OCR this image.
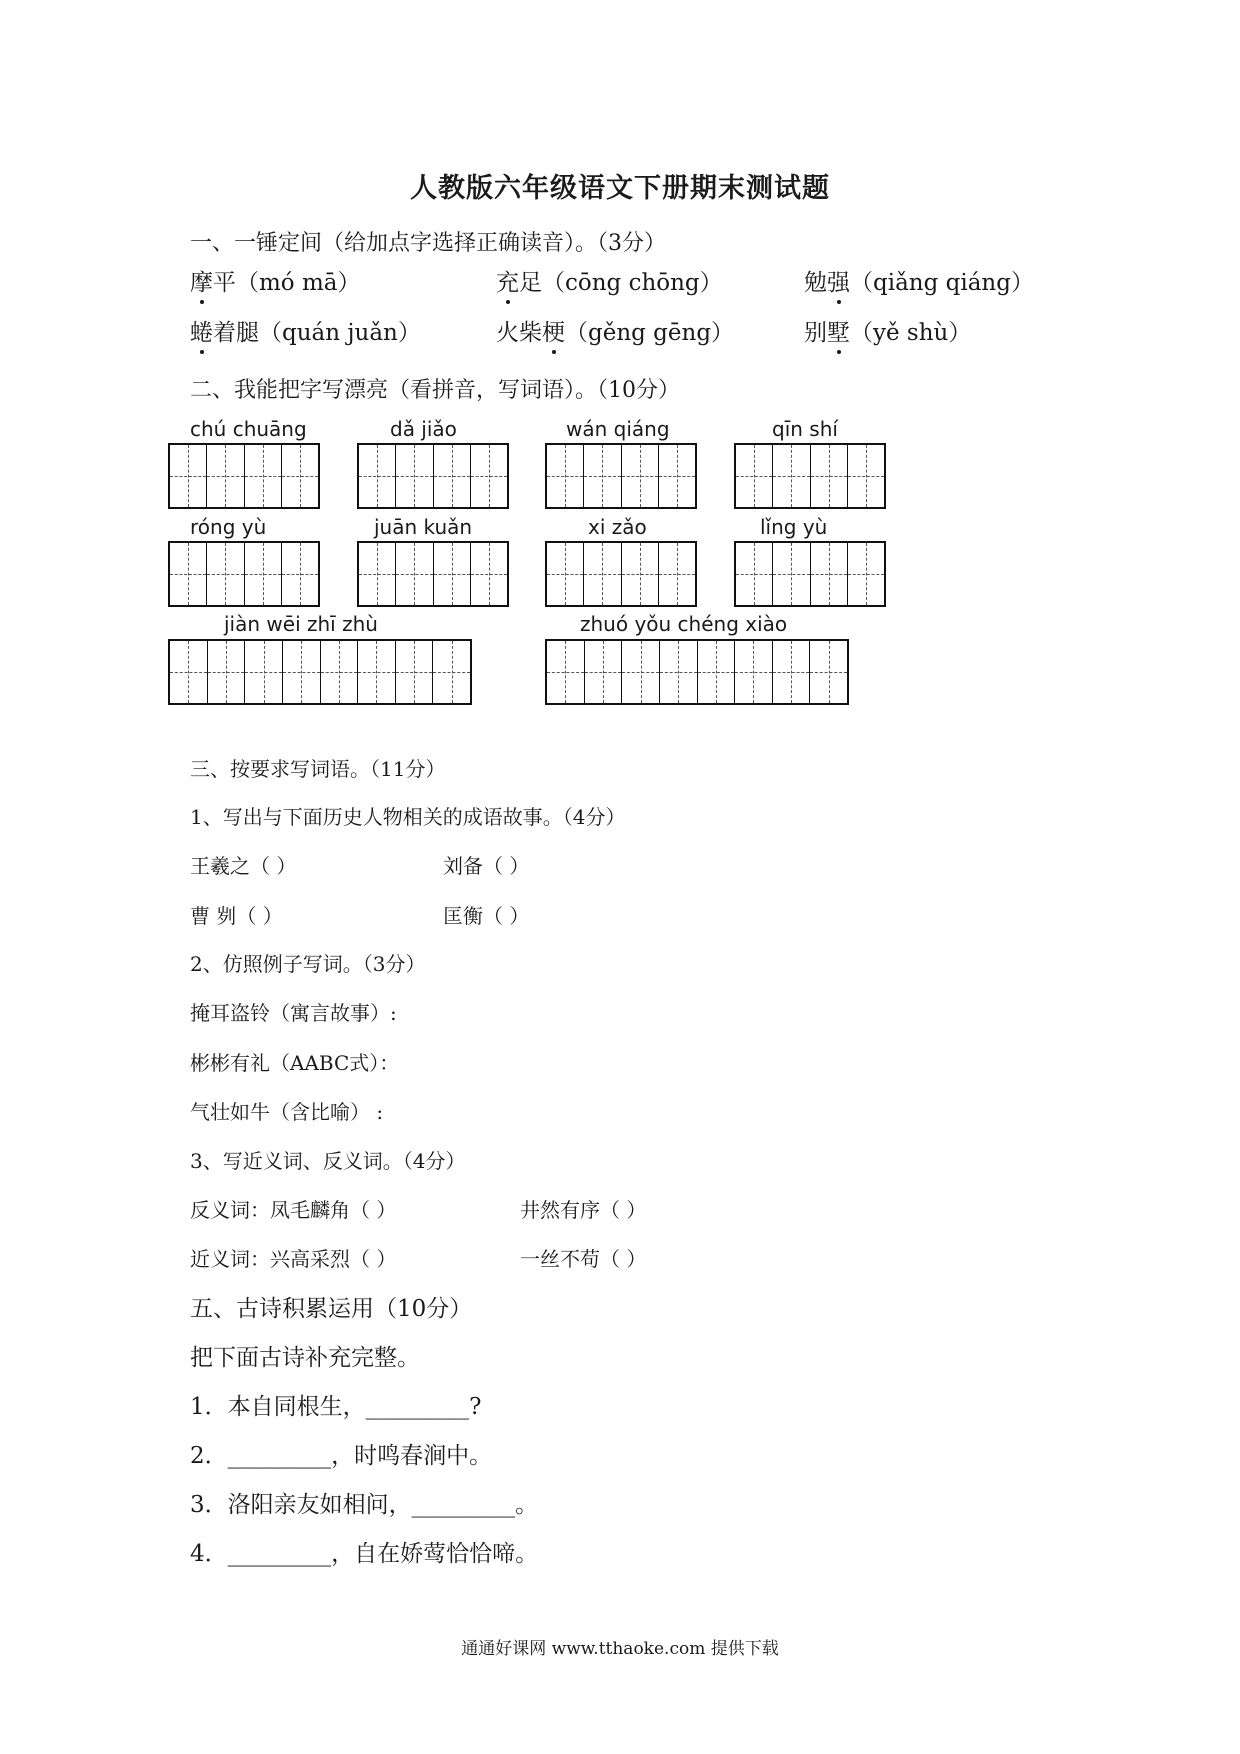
人教版六年级语文下册期末测试题
一、一锤定间（给加点字选择正确读音）。（3分）
摩平（mó mā）	充足（cōng chōng）	勉强（qiǎng qiáng）
蜷着腿（quán juǎn）	火柴梗（gěng gēng）	别墅（yě shù）
二、我能把字写漂亮（看拼音，写词语）。（10分）
chú chuāng	dǎ jiǎo	wán qiáng	qīn shí
róng yù	juān kuǎn	xi zǎo	lǐng yù
jiàn wēi zhī zhù	zhuó yǒu chéng xiào
三、按要求写词语。（11分）
1、写出与下面历史人物相关的成语故事。（4分）
王羲之（ ）	刘备（ ）
曹 刿（ ）	匡衡（ ）
2、仿照例子写词。（3分）
掩耳盗铃（寓言故事）:
彬彬有礼（AABC式）：
气壮如牛（含比喻） :
3、写近义词、反义词。（4分）
反义词：凤毛麟角（ ）	井然有序（ ）
近义词：兴高采烈（ ）	一丝不苟（ ）
五、古诗积累运用（10分）
把下面古诗补充完整。
1．本自同根生，_________?
2．_________，时鸣春涧中。
3．洛阳亲友如相问，_________。
4．_________，自在娇莺恰恰啼。
通通好课网 www.tthaoke.com 提供下载
